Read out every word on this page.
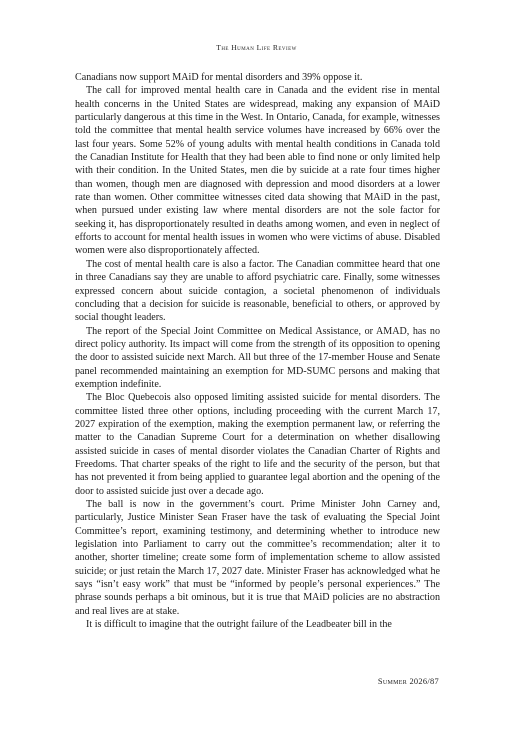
The Human Life Review

Canadians now support MAiD for mental disorders and 39% oppose it.

The call for improved mental health care in Canada and the evident rise in mental health concerns in the United States are widespread, making any expansion of MAiD particularly dangerous at this time in the West. In Ontario, Canada, for example, witnesses told the committee that mental health service volumes have increased by 66% over the last four years. Some 52% of young adults with mental health conditions in Canada told the Canadian Institute for Health that they had been able to find none or only limited help with their condition. In the United States, men die by suicide at a rate four times higher than women, though men are diagnosed with depression and mood disorders at a lower rate than women. Other committee witnesses cited data showing that MAiD in the past, when pursued under existing law where mental disorders are not the sole factor for seeking it, has disproportionately resulted in deaths among women, and even in neglect of efforts to account for mental health issues in women who were victims of abuse. Disabled women were also disproportionately affected.

The cost of mental health care is also a factor. The Canadian committee heard that one in three Canadians say they are unable to afford psychiatric care. Finally, some witnesses expressed concern about suicide contagion, a societal phenomenon of individuals concluding that a decision for suicide is reasonable, beneficial to others, or approved by social thought leaders.

The report of the Special Joint Committee on Medical Assistance, or AMAD, has no direct policy authority. Its impact will come from the strength of its opposition to opening the door to assisted suicide next March. All but three of the 17-member House and Senate panel recommended maintaining an exemption for MD-SUMC persons and making that exemption indefinite.

The Bloc Quebecois also opposed limiting assisted suicide for mental disorders. The committee listed three other options, including proceeding with the current March 17, 2027 expiration of the exemption, making the exemption permanent law, or referring the matter to the Canadian Supreme Court for a determination on whether disallowing assisted suicide in cases of mental disorder violates the Canadian Charter of Rights and Freedoms. That charter speaks of the right to life and the security of the person, but that has not prevented it from being applied to guarantee legal abortion and the opening of the door to assisted suicide just over a decade ago.

The ball is now in the government’s court. Prime Minister John Carney and, particularly, Justice Minister Sean Fraser have the task of evaluating the Special Joint Committee’s report, examining testimony, and determining whether to introduce new legislation into Parliament to carry out the committee’s recommendation; alter it to another, shorter timeline; create some form of implementation scheme to allow assisted suicide; or just retain the March 17, 2027 date. Minister Fraser has acknowledged what he says “isn’t easy work” that must be “informed by people’s personal experiences.” The phrase sounds perhaps a bit ominous, but it is true that MAiD policies are no abstraction and real lives are at stake.

It is difficult to imagine that the outright failure of the Leadbeater bill in the

Summer 2026/87
